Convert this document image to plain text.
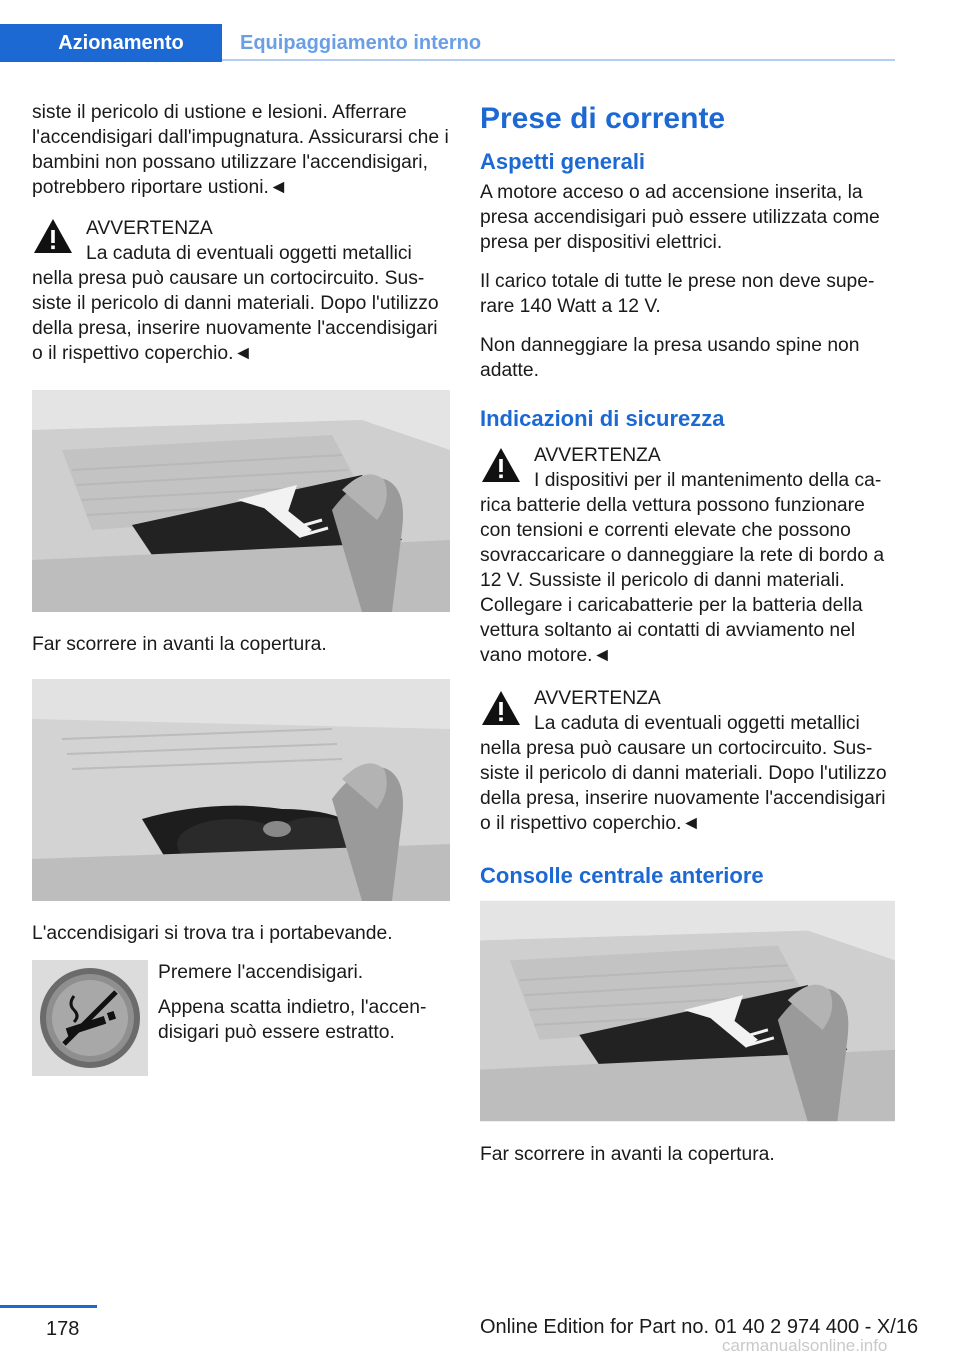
Azionamento	Equipaggiamento interno

siste il pericolo di ustione e lesioni. Afferrare l'accendisigari dall'impugnatura. Assicurarsi che i bambini non possano utilizzare l'accendisigari, potrebbero riportare ustioni.◄

AVVERTENZA

La caduta di eventuali oggetti metallici nella presa può causare un cortocircuito. Sussiste il pericolo di danni materiali. Dopo l'utilizzo della presa, inserire nuovamente l'accendisigari o il rispettivo coperchio.◄

Far scorrere in avanti la copertura.

L'accendisigari si trova tra i portabevande.

Premere l'accendisigari.

Appena scatta indietro, l'accendisigari può essere estratto.

Prese di corrente
Aspetti generali

A motore acceso o ad accensione inserita, la presa accendisigari può essere utilizzata come presa per dispositivi elettrici.

Il carico totale di tutte le prese non deve superare 140 Watt a 12 V.

Non danneggiare la presa usando spine non adatte.

Indicazioni di sicurezza

AVVERTENZA

I dispositivi per il mantenimento della carica batterie della vettura possono funzionare con tensioni e correnti elevate che possono sovraccaricare o danneggiare la rete di bordo a 12 V. Sussiste il pericolo di danni materiali. Collegare i caricabatterie per la batteria della vettura soltanto ai contatti di avviamento nel vano motore.◄

AVVERTENZA

La caduta di eventuali oggetti metallici nella presa può causare un cortocircuito. Sussiste il pericolo di danni materiali. Dopo l'utilizzo della presa, inserire nuovamente l'accendisigari o il rispettivo coperchio.◄

Consolle centrale anteriore

Far scorrere in avanti la copertura.

178	Online Edition for Part no. 01 40 2 974 400 - X/16
carmanualsonline.info
